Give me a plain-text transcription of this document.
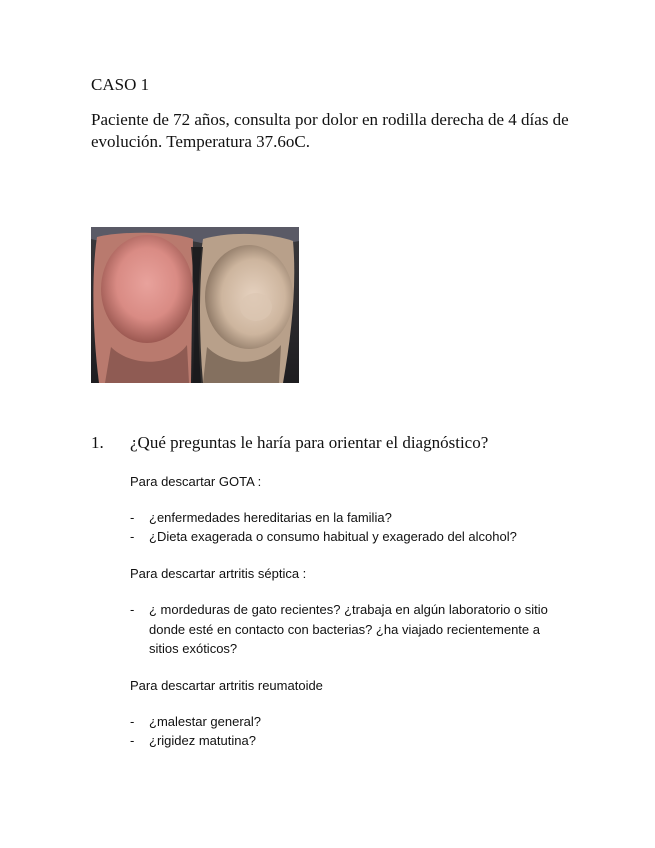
CASO 1
Paciente de 72 años, consulta por dolor en rodilla derecha de 4 días de evolución. Temperatura 37.6oC.
1. ¿Qué preguntas le haría para orientar el diagnóstico?
Para descartar GOTA :
- ¿enfermedades hereditarias en la familia?
- ¿Dieta exagerada o consumo habitual y exagerado del alcohol?
Para descartar artritis séptica :
- ¿ mordeduras de gato recientes? ¿trabaja en algún laboratorio o sitio
donde esté en contacto con bacterias? ¿ha viajado recientemente a
sitios exóticos?
Para descartar artritis reumatoide
- ¿malestar general?
- ¿rigidez matutina?
